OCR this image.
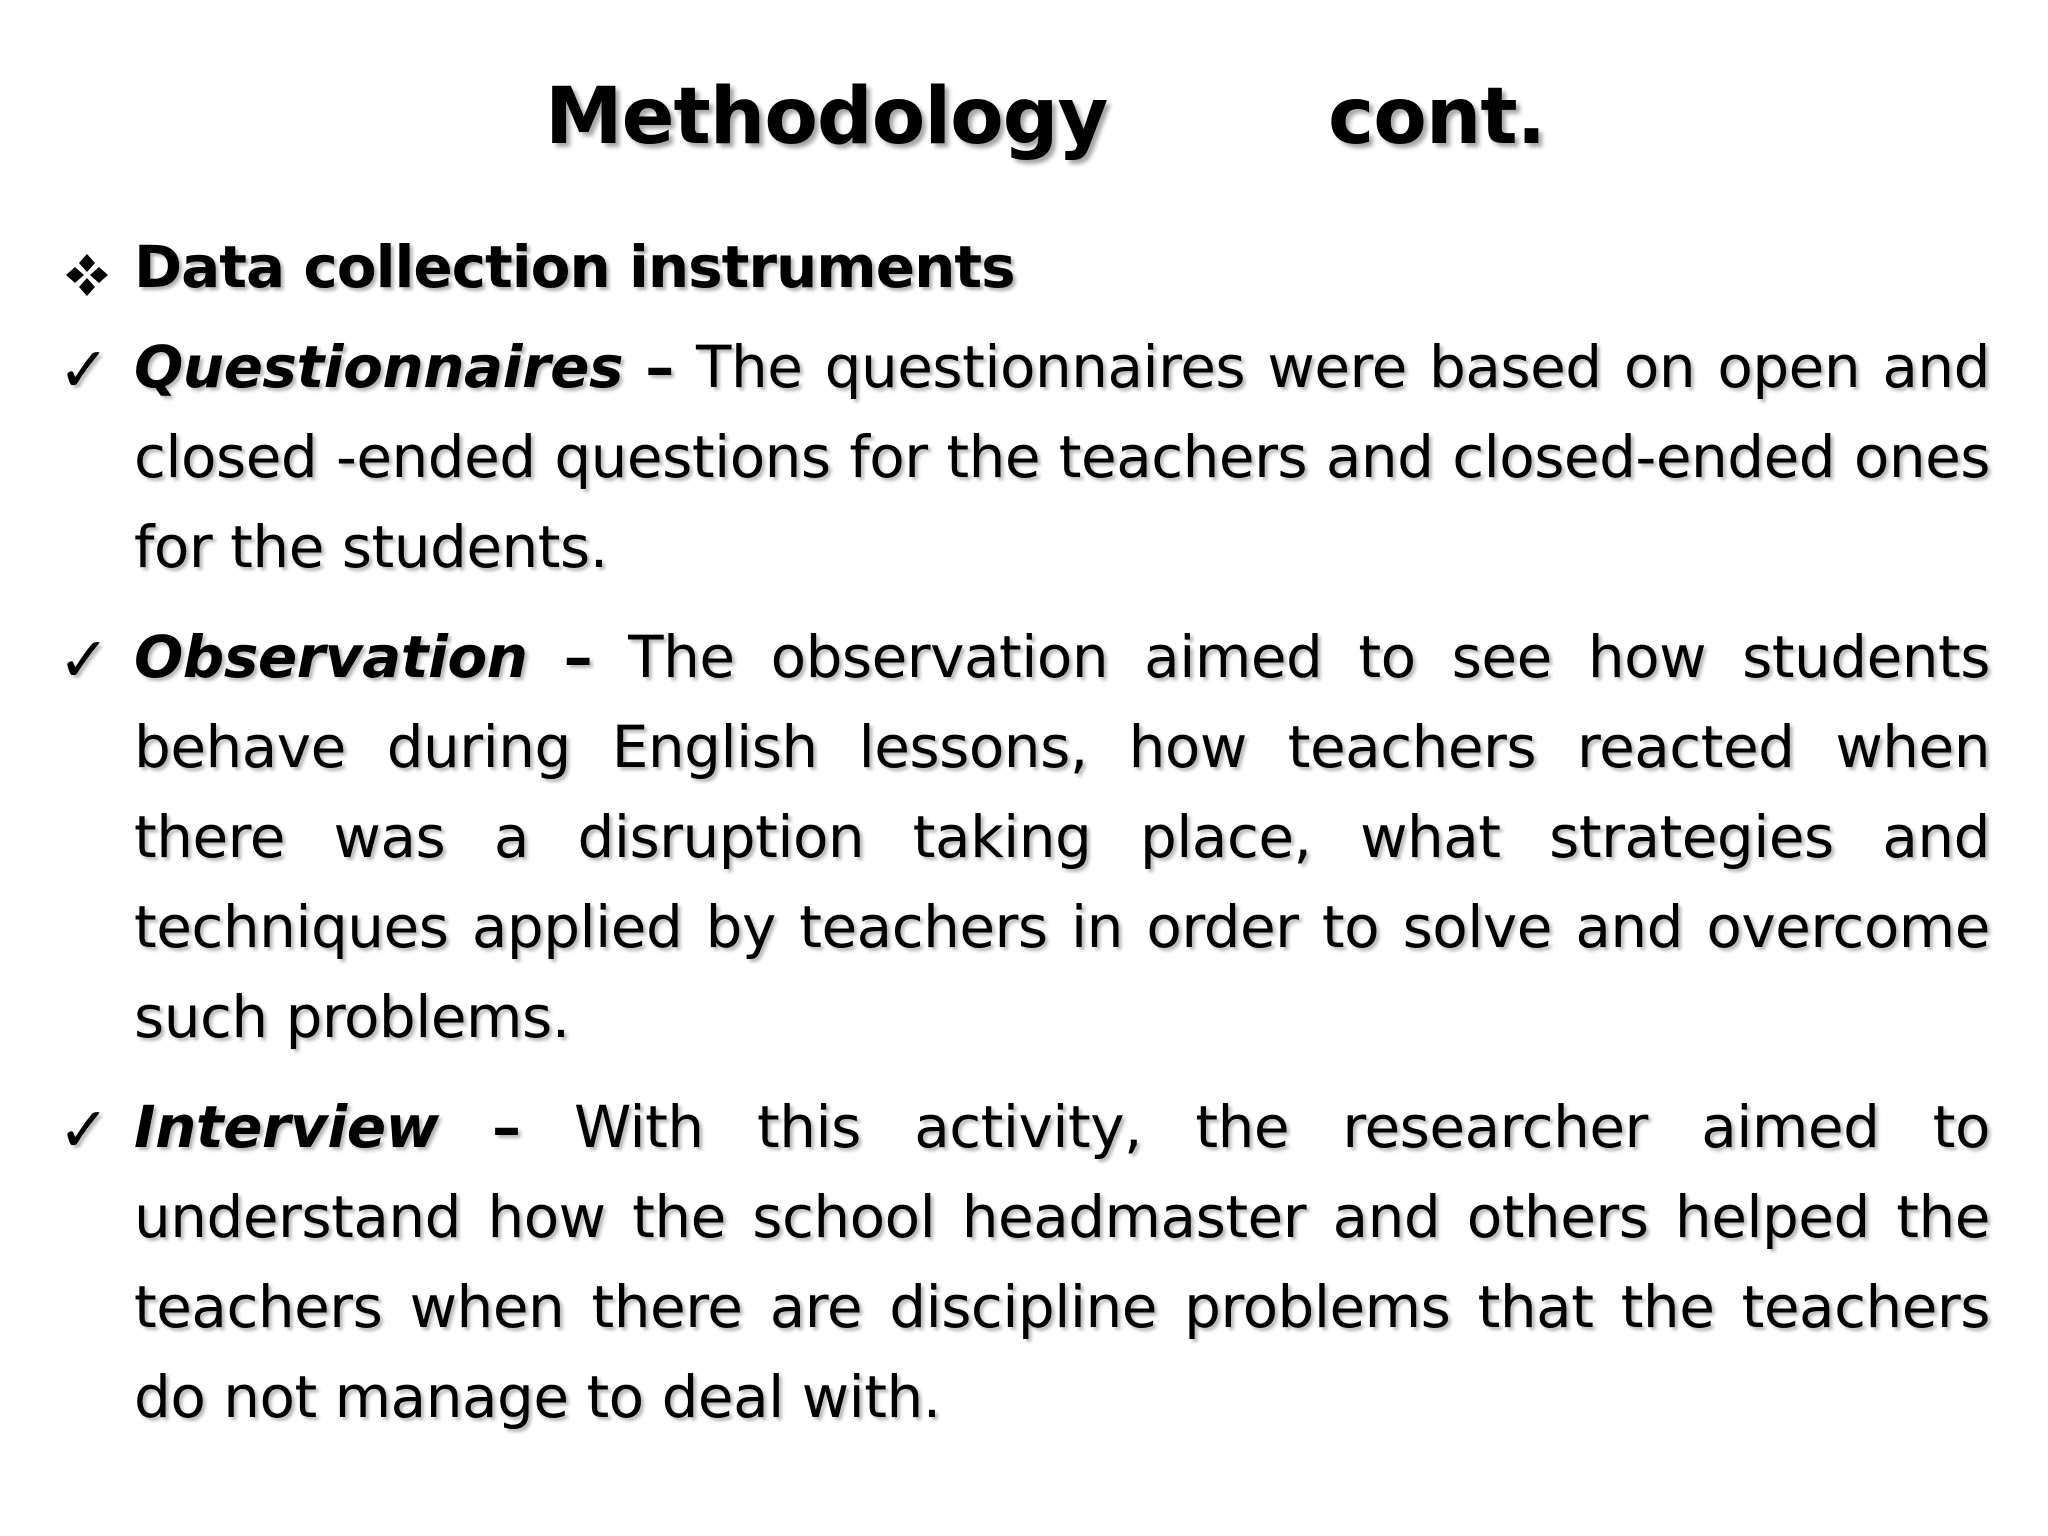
Methodology	cont.
Data collection instruments
✓ Questionnaires – The questionnaires were based on open and closed -ended questions for the teachers and closed-ended ones for the students.
✓ Observation – The observation aimed to see how students behave during English lessons, how teachers reacted when there was a disruption taking place, what strategies and techniques applied by teachers in order to solve and overcome such problems.
✓ Interview – With this activity, the researcher aimed to understand how the school headmaster and others helped the teachers when there are discipline problems that the teachers do not manage to deal with.
